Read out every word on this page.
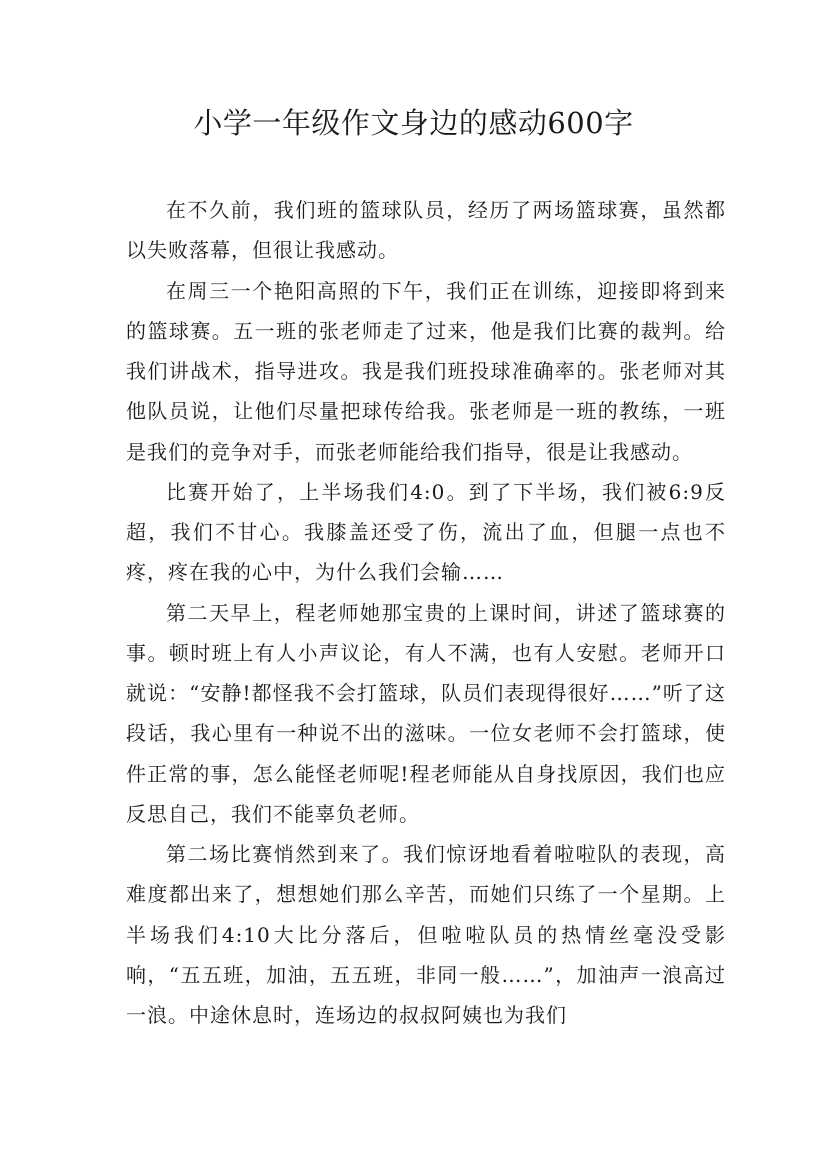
小学一年级作文身边的感动600字

在不久前，我们班的篮球队员，经历了两场篮球赛，虽然都以失败落幕，但很让我感动。

在周三一个艳阳高照的下午，我们正在训练，迎接即将到来的篮球赛。五一班的张老师走了过来，他是我们比赛的裁判。给我们讲战术，指导进攻。我是我们班投球准确率的。张老师对其他队员说，让他们尽量把球传给我。张老师是一班的教练，一班是我们的竞争对手，而张老师能给我们指导，很是让我感动。

比赛开始了，上半场我们4:0。到了下半场，我们被6:9反超，我们不甘心。我膝盖还受了伤，流出了血，但腿一点也不疼，疼在我的心中，为什么我们会输……

第二天早上，程老师她那宝贵的上课时间，讲述了篮球赛的事。顿时班上有人小声议论，有人不满，也有人安慰。老师开口就说：“安静!都怪我不会打篮球，队员们表现得很好……”听了这段话，我心里有一种说不出的滋味。一位女老师不会打篮球，使件正常的事，怎么能怪老师呢!程老师能从自身找原因，我们也应反思自己，我们不能辜负老师。

第二场比赛悄然到来了。我们惊讶地看着啦啦队的表现，高难度都出来了，想想她们那么辛苦，而她们只练了一个星期。上半场我们4:10大比分落后，但啦啦队员的热情丝毫没受影响，“五五班，加油，五五班，非同一般……”，加油声一浪高过一浪。中途休息时，连场边的叔叔阿姨也为我们
